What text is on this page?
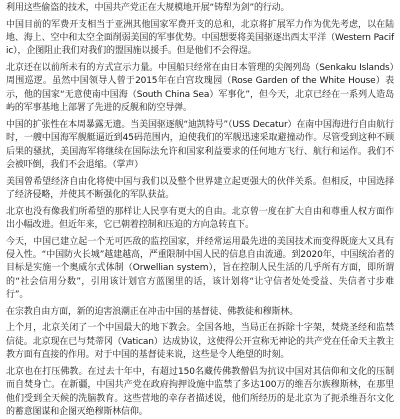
利用这些偷盗的技术，中国共产党正在大规模地开展“铸犁为剑”的行动。

中国目前的军费开支相当于亚洲其他国家军费开支的总和，北京将扩展军力作为优先考虑，以在陆地、海上、空中和太空全面削弱美国的军事优势。中国想要将美国驱逐出西太平洋（Western Pacific），企图阻止我们对我们的盟国施以援手。但是他们不会得逞。

北京还在以前所未有的方式宣示力量。中国船只经常在由日本管理的尖阁列岛（Senkaku Islands）周围巡逻。虽然中国领导人曾于2015年在白宫玫瑰园（Rose Garden of the White House）表示，他的国家“无意使南中国海（South China Sea）军事化”，但今天，北京已经在一系列人造岛屿的军事基地上部署了先进的反舰和防空导弹。

中国的扩张性在本周暴露无遗。当美国驱逐舰“迪凯特号”（USS Decatur）在南中国海进行自由航行时，一艘中国海军舰艇逼近到45码范围内，迫使我们的军舰迅速采取避撞动作。尽管受到这种不顾后果的骚扰，美国海军将继续在国际法允许和国家利益要求的任何地方飞行、航行和运作。我们不会被吓倒，我们不会退缩。（掌声）

美国曾希望经济自由化将使中国与我们以及整个世界建立起更强大的伙伴关系。但相反，中国选择了经济侵略，并使其不断强化的军队获益。

北京也没有像我们所希望的那样让人民享有更大的自由。北京曾一度在扩大自由和尊重人权方面作出小幅改进。但近年来，它已朝着控制和压迫的方向急转直下。

今天，中国已建立起一个无可匹敌的监控国家，并经常运用最先进的美国技术而变得既庞大又具有侵入性。“中国防火长城”越建越高，严重限制中国人民的信息自由流通。到2020年，中国统治者的目标是实施一个奥威尔式体制（Orwellian system），旨在控制人民生活的几乎所有方面，即所谓的“社会信用分数”，引用该计划官方蓝图里的话，该计划将“让守信者处处受益、失信者寸步难行”。

在宗教自由方面，新的迫害浪潮正在冲击中国的基督徒、佛教徒和穆斯林。

上个月，北京关闭了一个中国最大的地下教会。全国各地，当局正在拆除十字架，焚烧圣经和监禁信徒。北京现在已与梵蒂冈（Vatican）达成协议，这使得公开宣称无神论的共产党在任命天主教主教方面有直接的作用。对于中国的基督徒来说，这些是令人绝望的时刻。

北京也在打压佛教。在过去十年中，有超过150名藏传佛教僧侣为抗议中国对其信仰和文化的压制而自焚身亡。在新疆，中国共产党在政府拘押设施中监禁了多达100万的维吾尔族穆斯林，在那里他们受到全天候的洗脑教育。这些营地的幸存者描述说，他们所经历的是北京为了扼杀维吾尔文化的蓄意图谋和企图灭绝穆斯林信仰。
